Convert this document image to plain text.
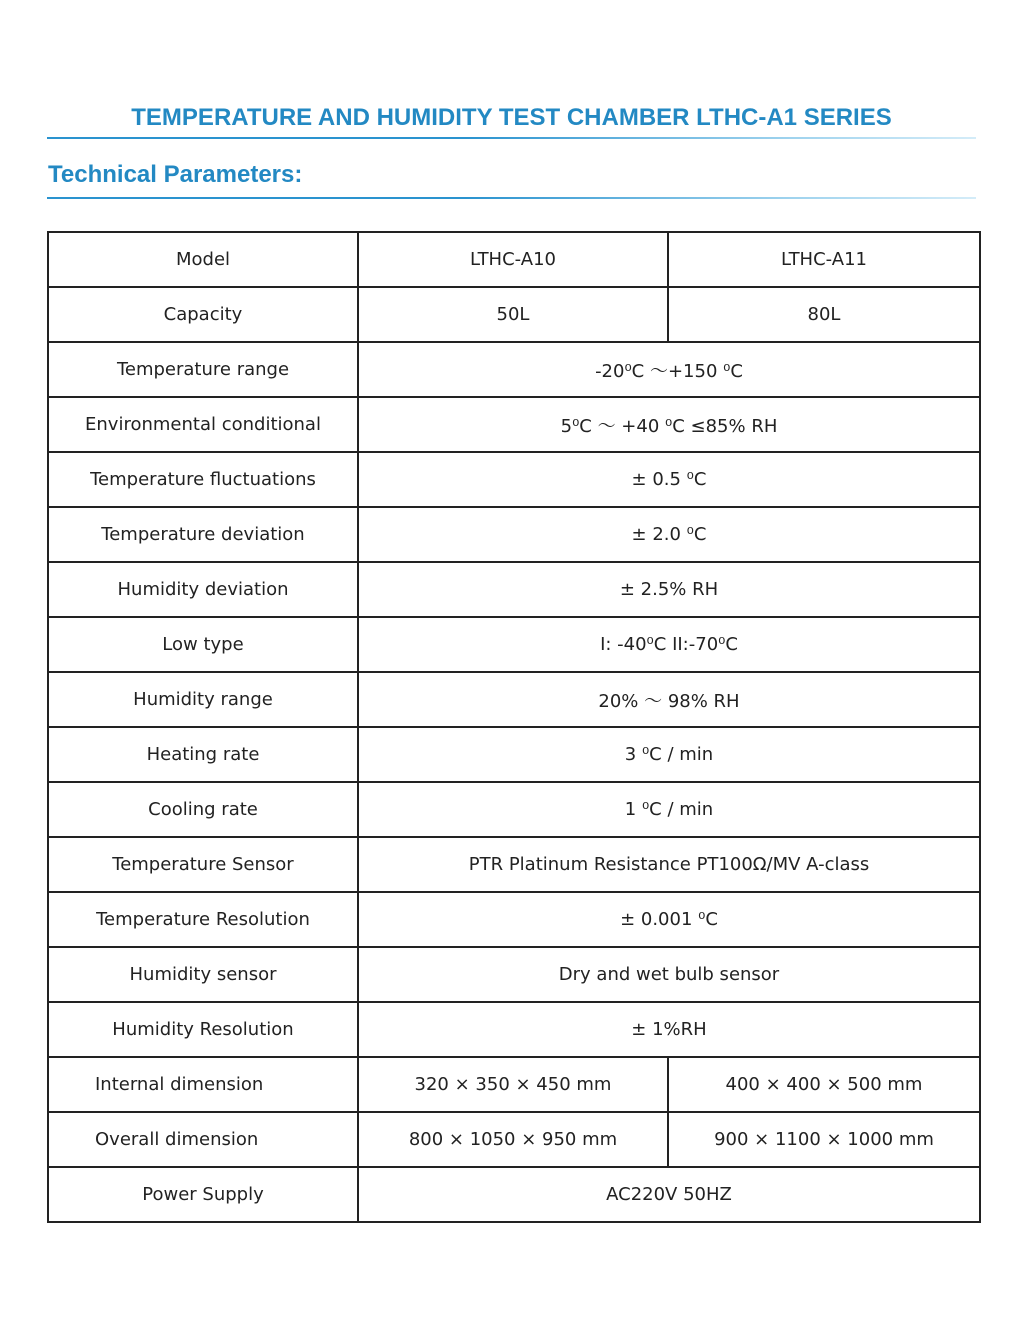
TEMPERATURE AND HUMIDITY TEST CHAMBER LTHC-A1 SERIES
Technical Parameters:
Model	LTHC-A10	LTHC-A11
Capacity	50L	80L
Temperature range	-20⁰C ～+150 ⁰C	
Environmental conditional	5⁰C ～ +40 ⁰C ≤85% RH	
Temperature fluctuations	± 0.5 ⁰C	
Temperature deviation	± 2.0 ⁰C	
Humidity deviation	± 2.5% RH	
Low type	I: -40⁰C II:-70⁰C	
Humidity range	20% ～ 98% RH	
Heating rate	3 ⁰C / min	
Cooling rate	1 ⁰C / min	
Temperature Sensor	PTR Platinum Resistance PT100Ω/MV A-class	
Temperature Resolution	± 0.001 ⁰C	
Humidity sensor	Dry and wet bulb sensor	
Humidity Resolution	± 1%RH	
Internal dimension	320 × 350 × 450 mm	400 × 400 × 500 mm
Overall dimension	800 × 1050 × 950 mm	900 × 1100 × 1000 mm
Power Supply	AC220V 50HZ	
